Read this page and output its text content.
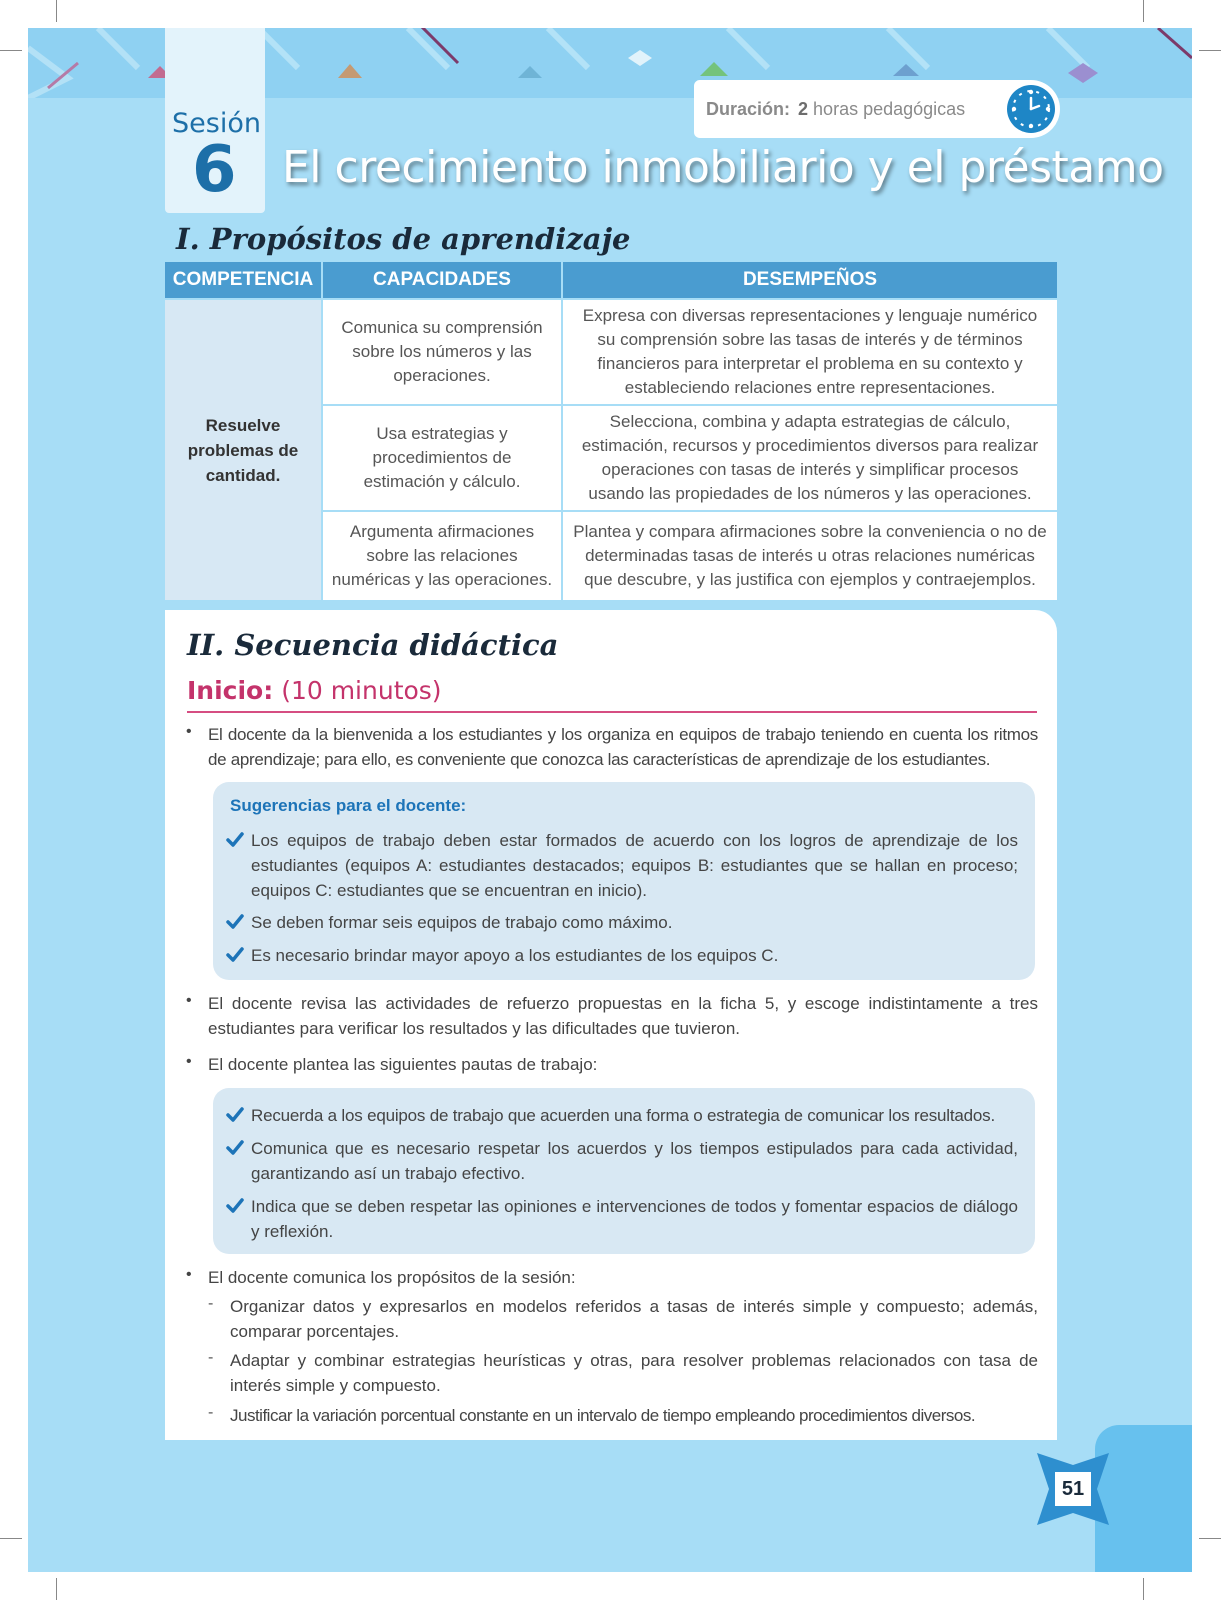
Sesión
6 El crecimiento inmobiliario y el préstamo
Duración: 2 horas pedagógicas
I. Propósitos de aprendizaje
COMPETENCIA	CAPACIDADES	DESEMPEÑOS
Resuelve problemas de cantidad.
Comunica su comprensión sobre los números y las operaciones.
Expresa con diversas representaciones y lenguaje numérico su comprensión sobre las tasas de interés y de términos financieros para interpretar el problema en su contexto y estableciendo relaciones entre representaciones.
Usa estrategias y procedimientos de estimación y cálculo.
Selecciona, combina y adapta estrategias de cálculo, estimación, recursos y procedimientos diversos para realizar operaciones con tasas de interés y simplificar procesos usando las propiedades de los números y las operaciones.
Argumenta afirmaciones sobre las relaciones numéricas y las operaciones.
Plantea y compara afirmaciones sobre la conveniencia o no de determinadas tasas de interés u otras relaciones numéricas que descubre, y las justifica con ejemplos y contraejemplos.
II. Secuencia didáctica
Inicio: (10 minutos)
• El docente da la bienvenida a los estudiantes y los organiza en equipos de trabajo teniendo en cuenta los ritmos de aprendizaje; para ello, es conveniente que conozca las características de aprendizaje de los estudiantes.
Sugerencias para el docente:
Los equipos de trabajo deben estar formados de acuerdo con los logros de aprendizaje de los estudiantes (equipos A: estudiantes destacados; equipos B: estudiantes que se hallan en proceso; equipos C: estudiantes que se encuentran en inicio).
Se deben formar seis equipos de trabajo como máximo.
Es necesario brindar mayor apoyo a los estudiantes de los equipos C.
• El docente revisa las actividades de refuerzo propuestas en la ficha 5, y escoge indistintamente a tres estudiantes para verificar los resultados y las dificultades que tuvieron.
• El docente plantea las siguientes pautas de trabajo:
Recuerda a los equipos de trabajo que acuerden una forma o estrategia de comunicar los resultados.
Comunica que es necesario respetar los acuerdos y los tiempos estipulados para cada actividad, garantizando así un trabajo efectivo.
Indica que se deben respetar las opiniones e intervenciones de todos y fomentar espacios de diálogo y reflexión.
• El docente comunica los propósitos de la sesión:
- Organizar datos y expresarlos en modelos referidos a tasas de interés simple y compuesto; además, comparar porcentajes.
- Adaptar y combinar estrategias heurísticas y otras, para resolver problemas relacionados con tasa de interés simple y compuesto.
- Justificar la variación porcentual constante en un intervalo de tiempo empleando procedimientos diversos.
51
